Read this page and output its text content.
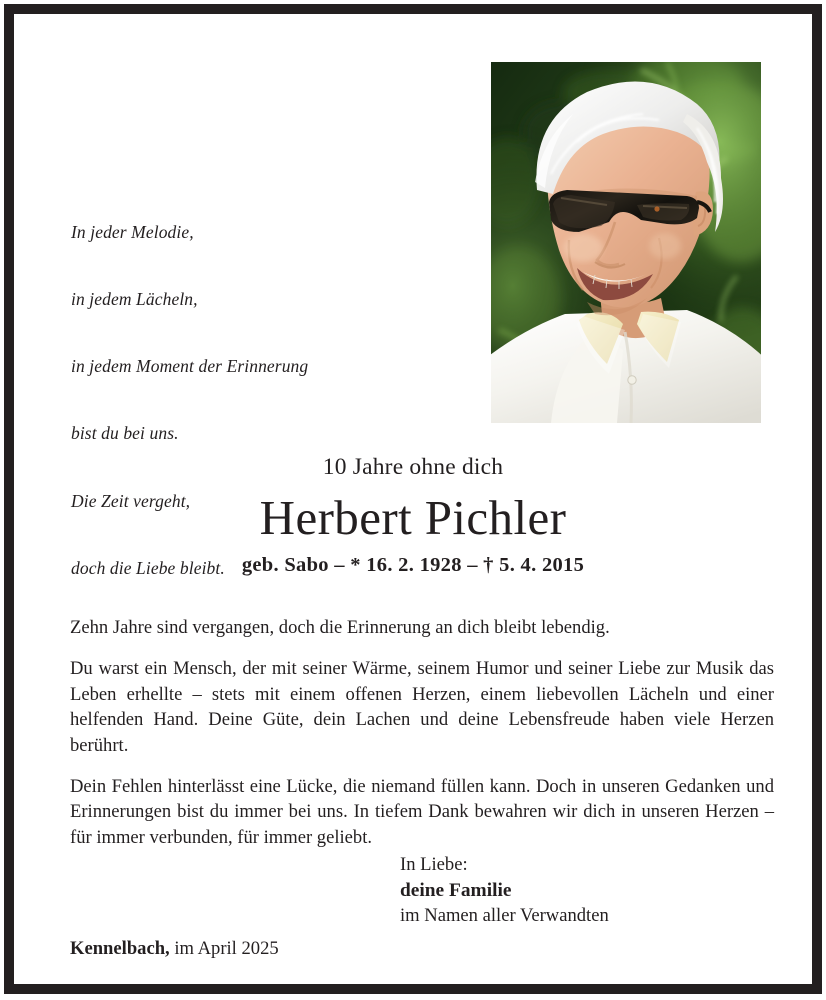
In jeder Melodie,

in jedem Lächeln,

in jedem Moment der Erinnerung

bist du bei uns.

Die Zeit vergeht,

doch die Liebe bleibt.

10 Jahre ohne dich
Herbert Pichler
geb. Sabo – * 16. 2. 1928 – † 5. 4. 2015

Zehn Jahre sind vergangen, doch die Erinnerung an dich bleibt lebendig.

Du warst ein Mensch, der mit seiner Wärme, seinem Humor und seiner Liebe zur Musik das Leben erhellte – stets mit einem offenen Herzen, einem liebevollen Lächeln und einer helfenden Hand. Deine Güte, dein Lachen und deine Lebensfreude haben viele Herzen berührt.

Dein Fehlen hinterlässt eine Lücke, die niemand füllen kann. Doch in unseren Gedanken und Erinnerungen bist du immer bei uns. In tiefem Dank bewahren wir dich in unseren Herzen – für immer verbunden, für immer geliebt.

In Liebe:
deine Familie
im Namen aller Verwandten
Kennelbach, im April 2025
